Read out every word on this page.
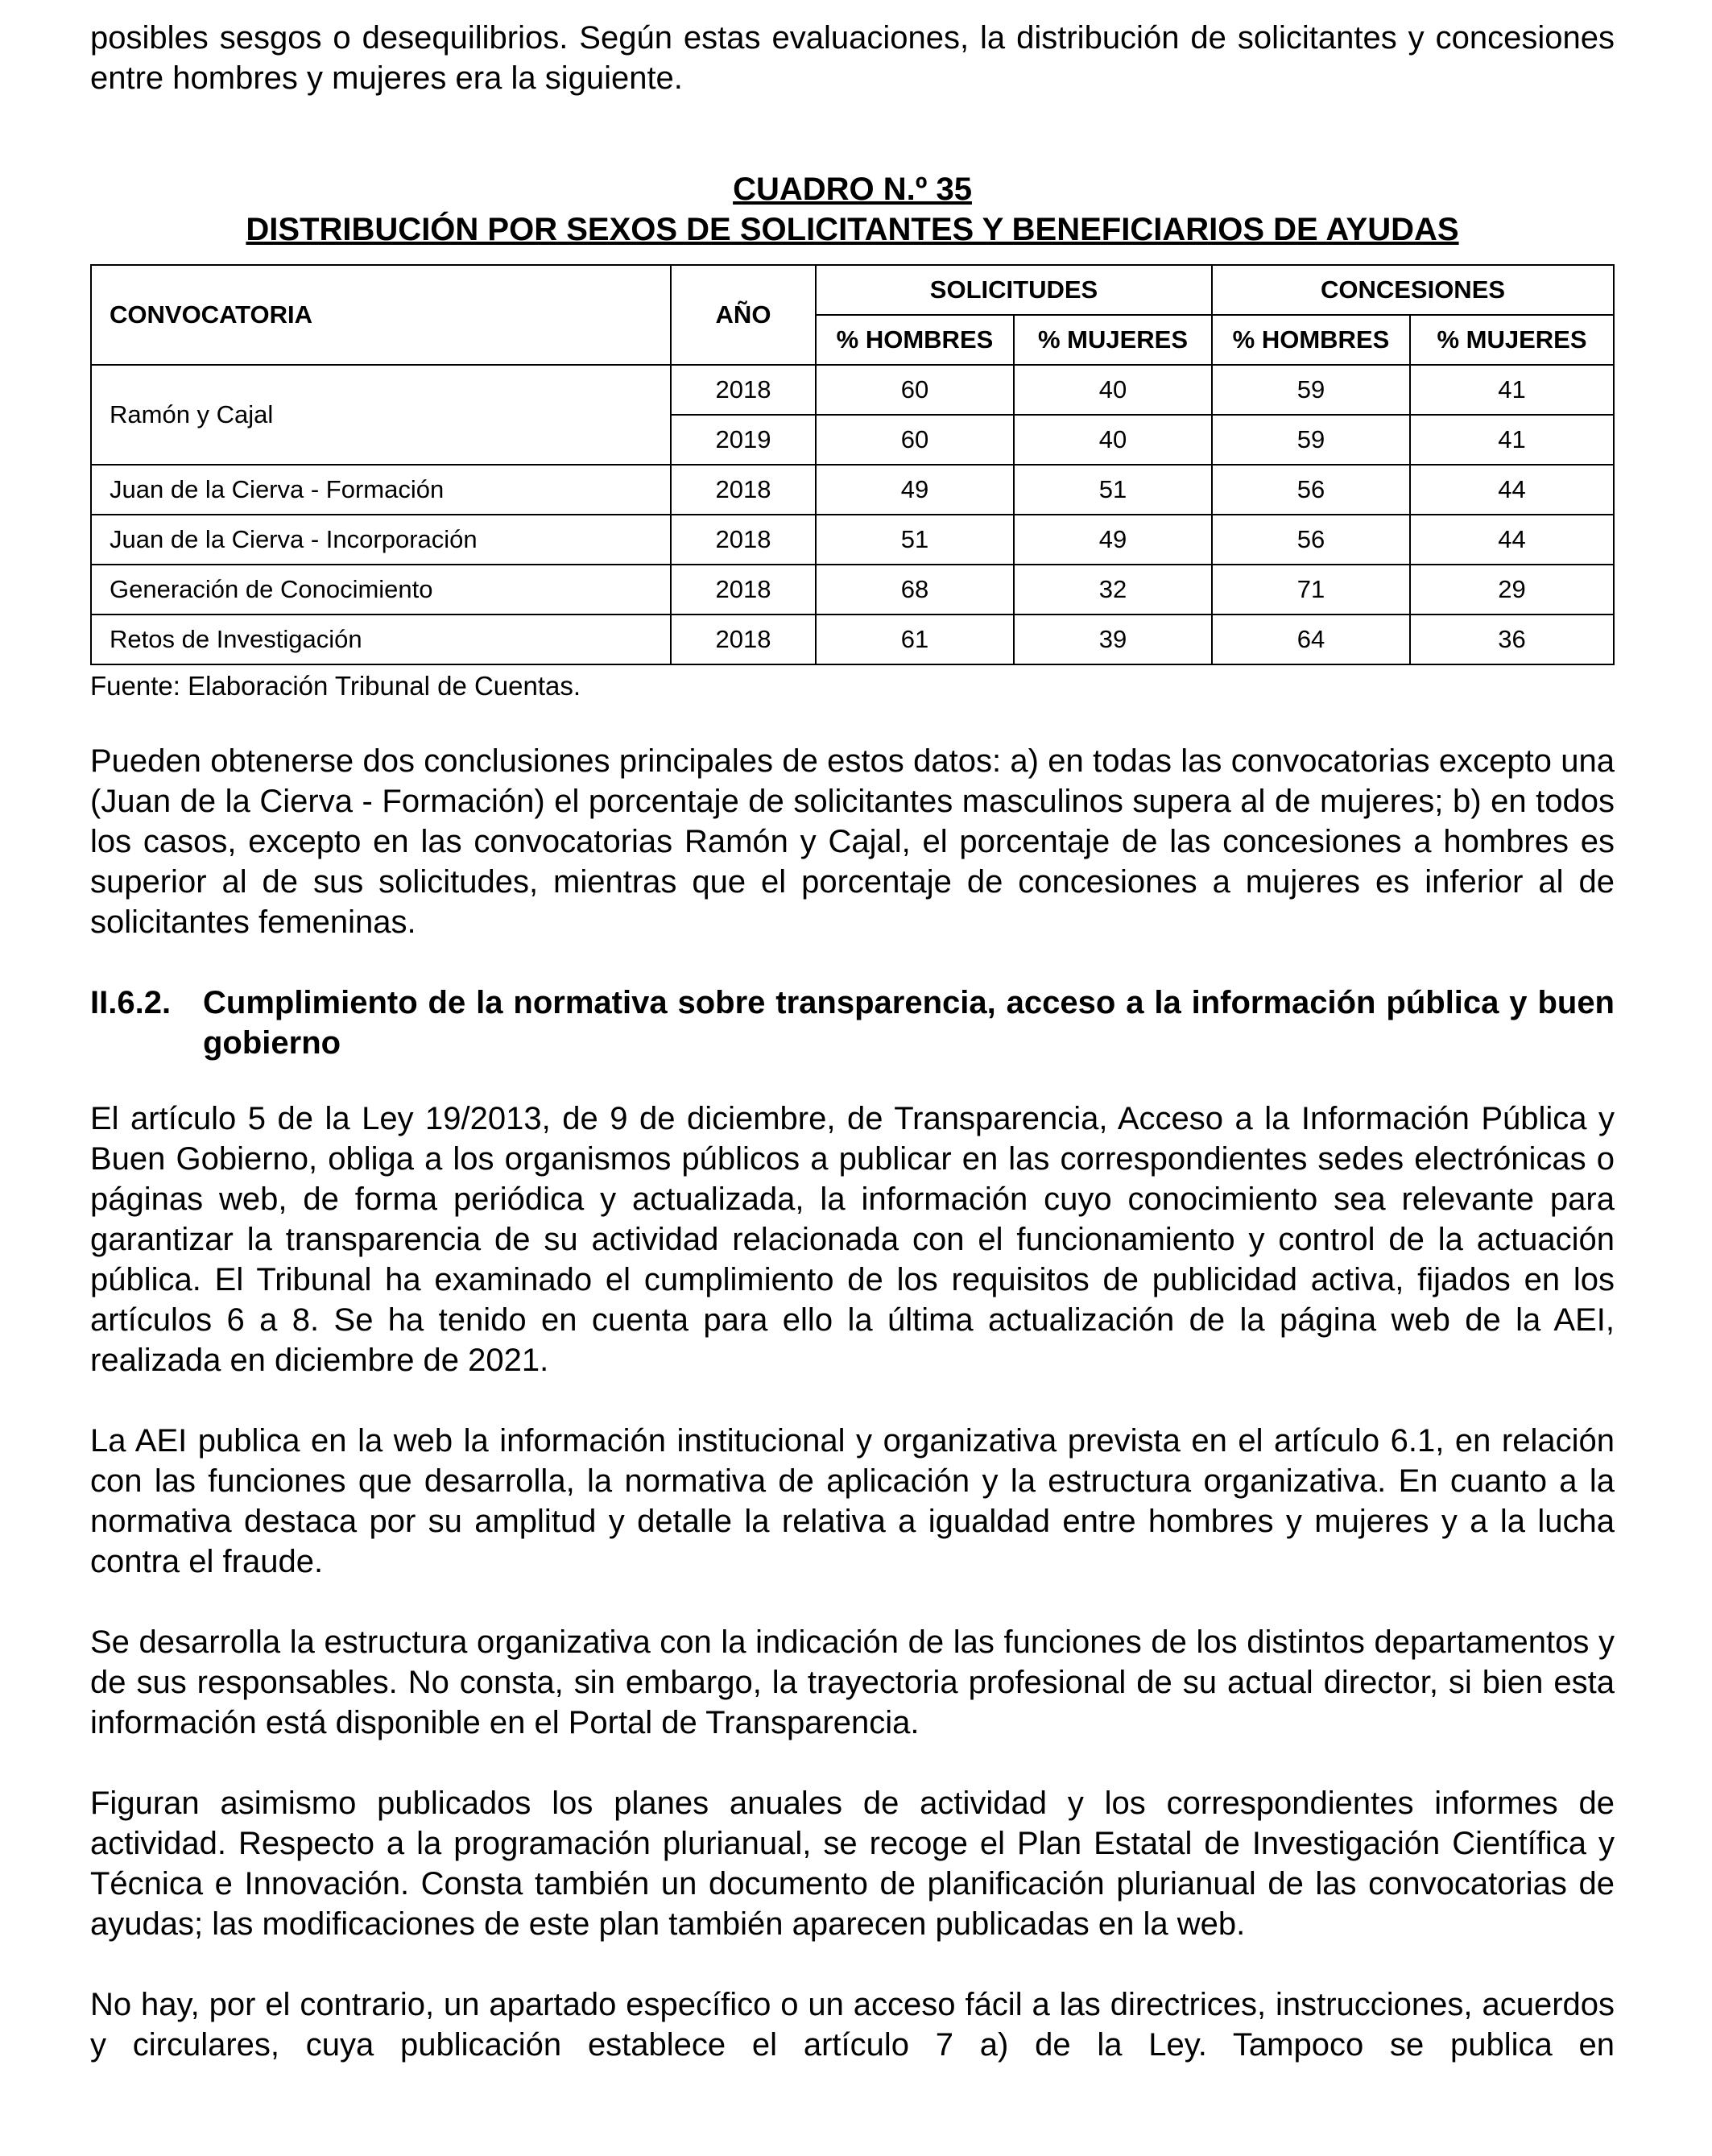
posibles sesgos o desequilibrios. Según estas evaluaciones, la distribución de solicitantes y concesiones entre hombres y mujeres era la siguiente.

CUADRO N.º 35

DISTRIBUCIÓN POR SEXOS DE SOLICITANTES Y BENEFICIARIOS DE AYUDAS

CONVOCATORIA	AÑO	SOLICITUDES		CONCESIONES	
		% HOMBRES	% MUJERES	% HOMBRES	% MUJERES
Ramón y Cajal	2018	60	40	59	41
	2019	60	40	59	41
Juan de la Cierva - Formación	2018	49	51	56	44
Juan de la Cierva - Incorporación	2018	51	49	56	44
Generación de Conocimiento	2018	68	32	71	29
Retos de Investigación	2018	61	39	64	36

Fuente: Elaboración Tribunal de Cuentas.

Pueden obtenerse dos conclusiones principales de estos datos: a) en todas las convocatorias excepto una (Juan de la Cierva - Formación) el porcentaje de solicitantes masculinos supera al de mujeres; b) en todos los casos, excepto en las convocatorias Ramón y Cajal, el porcentaje de las concesiones a hombres es superior al de sus solicitudes, mientras que el porcentaje de concesiones a mujeres es inferior al de solicitantes femeninas.

II.6.2. Cumplimiento de la normativa sobre transparencia, acceso a la información pública y buen gobierno

El artículo 5 de la Ley 19/2013, de 9 de diciembre, de Transparencia, Acceso a la Información Pública y Buen Gobierno, obliga a los organismos públicos a publicar en las correspondientes sedes electrónicas o páginas web, de forma periódica y actualizada, la información cuyo conocimiento sea relevante para garantizar la transparencia de su actividad relacionada con el funcionamiento y control de la actuación pública. El Tribunal ha examinado el cumplimiento de los requisitos de publicidad activa, fijados en los artículos 6 a 8. Se ha tenido en cuenta para ello la última actualización de la página web de la AEI, realizada en diciembre de 2021.

La AEI publica en la web la información institucional y organizativa prevista en el artículo 6.1, en relación con las funciones que desarrolla, la normativa de aplicación y la estructura organizativa. En cuanto a la normativa destaca por su amplitud y detalle la relativa a igualdad entre hombres y mujeres y a la lucha contra el fraude.

Se desarrolla la estructura organizativa con la indicación de las funciones de los distintos departamentos y de sus responsables. No consta, sin embargo, la trayectoria profesional de su actual director, si bien esta información está disponible en el Portal de Transparencia.

Figuran asimismo publicados los planes anuales de actividad y los correspondientes informes de actividad. Respecto a la programación plurianual, se recoge el Plan Estatal de Investigación Científica y Técnica e Innovación. Consta también un documento de planificación plurianual de las convocatorias de ayudas; las modificaciones de este plan también aparecen publicadas en la web.

No hay, por el contrario, un apartado específico o un acceso fácil a las directrices, instrucciones, acuerdos y circulares, cuya publicación establece el artículo 7 a) de la Ley. Tampoco se publica en
